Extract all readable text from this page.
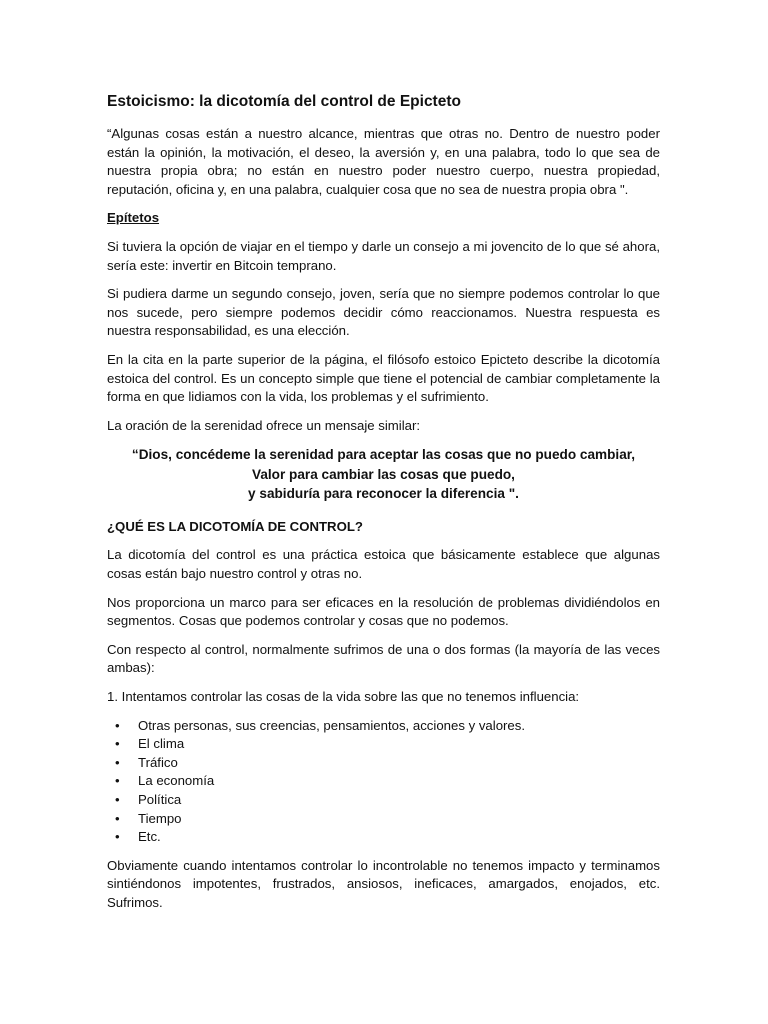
Estoicismo: la dicotomía del control de Epicteto

“Algunas cosas están a nuestro alcance, mientras que otras no. Dentro de nuestro poder están la opinión, la motivación, el deseo, la aversión y, en una palabra, todo lo que sea de nuestra propia obra; no están en nuestro poder nuestro cuerpo, nuestra propiedad, reputación, oficina y, en una palabra, cualquier cosa que no sea de nuestra propia obra ".

Epítetos

Si tuviera la opción de viajar en el tiempo y darle un consejo a mi jovencito de lo que sé ahora, sería este: invertir en Bitcoin temprano.

Si pudiera darme un segundo consejo, joven, sería que no siempre podemos controlar lo que nos sucede, pero siempre podemos decidir cómo reaccionamos. Nuestra respuesta es nuestra responsabilidad, es una elección.

En la cita en la parte superior de la página, el filósofo estoico Epicteto describe la dicotomía estoica del control. Es un concepto simple que tiene el potencial de cambiar completamente la forma en que lidiamos con la vida, los problemas y el sufrimiento.

La oración de la serenidad ofrece un mensaje similar:

“Dios, concédeme la serenidad para aceptar las cosas que no puedo cambiar,
Valor para cambiar las cosas que puedo,
y sabiduría para reconocer la diferencia ".
¿QUÉ ES LA DICOTOMÍA DE CONTROL?

La dicotomía del control es una práctica estoica que básicamente establece que algunas cosas están bajo nuestro control y otras no.

Nos proporciona un marco para ser eficaces en la resolución de problemas dividiéndolos en segmentos. Cosas que podemos controlar y cosas que no podemos.

Con respecto al control, normalmente sufrimos de una o dos formas (la mayoría de las veces ambas):

1. Intentamos controlar las cosas de la vida sobre las que no tenemos influencia:

• Otras personas, sus creencias, pensamientos, acciones y valores.
• El clima
• Tráfico
• La economía
• Política
• Tiempo
• Etc.

Obviamente cuando intentamos controlar lo incontrolable no tenemos impacto y terminamos sintiéndonos impotentes, frustrados, ansiosos, ineficaces, amargados, enojados, etc. Sufrimos.
